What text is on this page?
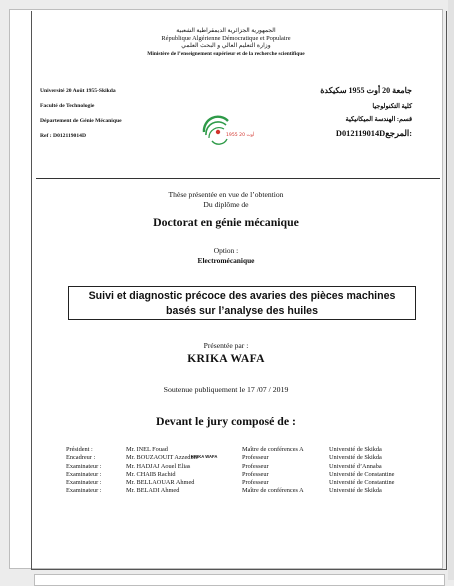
الجمهورية الجزائرية الديمقراطية الشعبية
République Algérienne Démocratique et Populaire
وزارة التعليم العالي و البحث العلمي
Ministère de l’enseignement supérieur et de la recherche scientifique
Université 20 Août 1955-Skikda
Faculté de Technologie
Département de Génie Mécanique
Ref : D012119014D
جامعة 20 أوت 1955 سكيكدة
كلية التكنولوجيا
قسم: الهندسة الميكانيكية
D012119014D:المرجع
1955 20 أوت
Thèse présentée en vue de l’obtention
Du diplôme de
Doctorat en génie mécanique
Option :
Electromécanique
Suivi et diagnostic précoce des avaries des pièces machines
basés sur l’analyse des huiles
Présentée par :
KRIKA WAFA
Soutenue publiquement le 17 /07 / 2019
Devant le jury composé de :
Président :	Mr. INEL Fouad	Maître de conférences A	Université de Skikda
Encadreur :	Mr. BOUZAOUIT Azzedine	Professeur	Université de Skikda
Examinateur :	Mr. HADJAJ Aouel Elias	Professeur	Université d’Annaba
Examinateur :	Mr. CHAIB Rachid	Professeur	Université de Constantine
Examinateur :	Mr. BELLAOUAR Ahmed	Professeur	Université de Constantine
Examinateur :	Mr. BELADI Ahmed	Maître de conférences A	Université de Skikda
KRIKA WAFA
